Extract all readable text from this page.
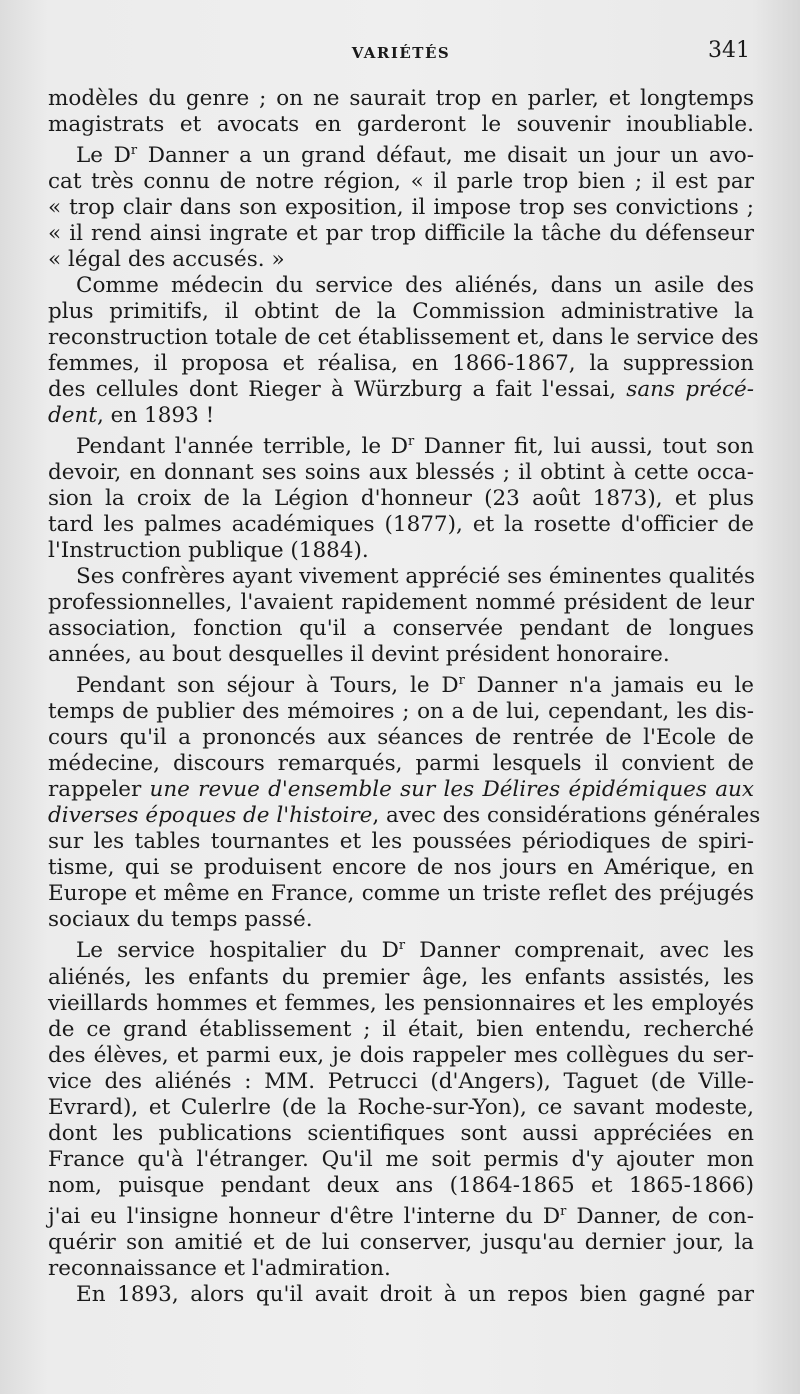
VARIÉTÉS	341
modèles du genre ; on ne saurait trop en parler, et longtemps
magistrats et avocats en garderont le souvenir inoubliable.
Le $D^r$ Danner a un grand défaut, me disait un jour un avo-
cat très connu de notre région, « il parle trop bien ; il est par
« trop clair dans son exposition, il impose trop ses convictions ;
« il rend ainsi ingrate et par trop difficile la tâche du défenseur
« légal des accusés. »
Comme médecin du service des aliénés, dans un asile des
plus primitifs, il obtint de la Commission administrative la
reconstruction totale de cet établissement et, dans le service des
femmes, il proposa et réalisa, en 1866-1867, la suppression
des cellules dont Rieger à Würzburg a fait l'essai, sans précé-
dent, en 1893 !
Pendant l'année terrible, le $D^r$ Danner fit, lui aussi, tout son
devoir, en donnant ses soins aux blessés ; il obtint à cette occa-
sion la croix de la Légion d'honneur (23 août 1873), et plus
tard les palmes académiques (1877), et la rosette d'officier de
l'Instruction publique (1884).
Ses confrères ayant vivement apprécié ses éminentes qualités
professionnelles, l'avaient rapidement nommé président de leur
association, fonction qu'il a conservée pendant de longues
années, au bout desquelles il devint président honoraire.
Pendant son séjour à Tours, le $D^r$ Danner n'a jamais eu le
temps de publier des mémoires ; on a de lui, cependant, les dis-
cours qu'il a prononcés aux séances de rentrée de l'Ecole de
médecine, discours remarqués, parmi lesquels il convient de
rappeler une revue d'ensemble sur les Délires épidémiques aux
diverses époques de l'histoire, avec des considérations générales
sur les tables tournantes et les poussées périodiques de spiri-
tisme, qui se produisent encore de nos jours en Amérique, en
Europe et même en France, comme un triste reflet des préjugés
sociaux du temps passé.
Le service hospitalier du $D^r$ Danner comprenait, avec les
aliénés, les enfants du premier âge, les enfants assistés, les
vieillards hommes et femmes, les pensionnaires et les employés
de ce grand établissement ; il était, bien entendu, recherché
des élèves, et parmi eux, je dois rappeler mes collègues du ser-
vice des aliénés : MM. Petrucci (d'Angers), Taguet (de Ville-
Evrard), et Culerlre (de la Roche-sur-Yon), ce savant modeste,
dont les publications scientifiques sont aussi appréciées en
France qu'à l'étranger. Qu'il me soit permis d'y ajouter mon
nom, puisque pendant deux ans (1864-1865 et 1865-1866)
j'ai eu l'insigne honneur d'être l'interne du $D^r$ Danner, de con-
quérir son amitié et de lui conserver, jusqu'au dernier jour, la
reconnaissance et l'admiration.
En 1893, alors qu'il avait droit à un repos bien gagné par
